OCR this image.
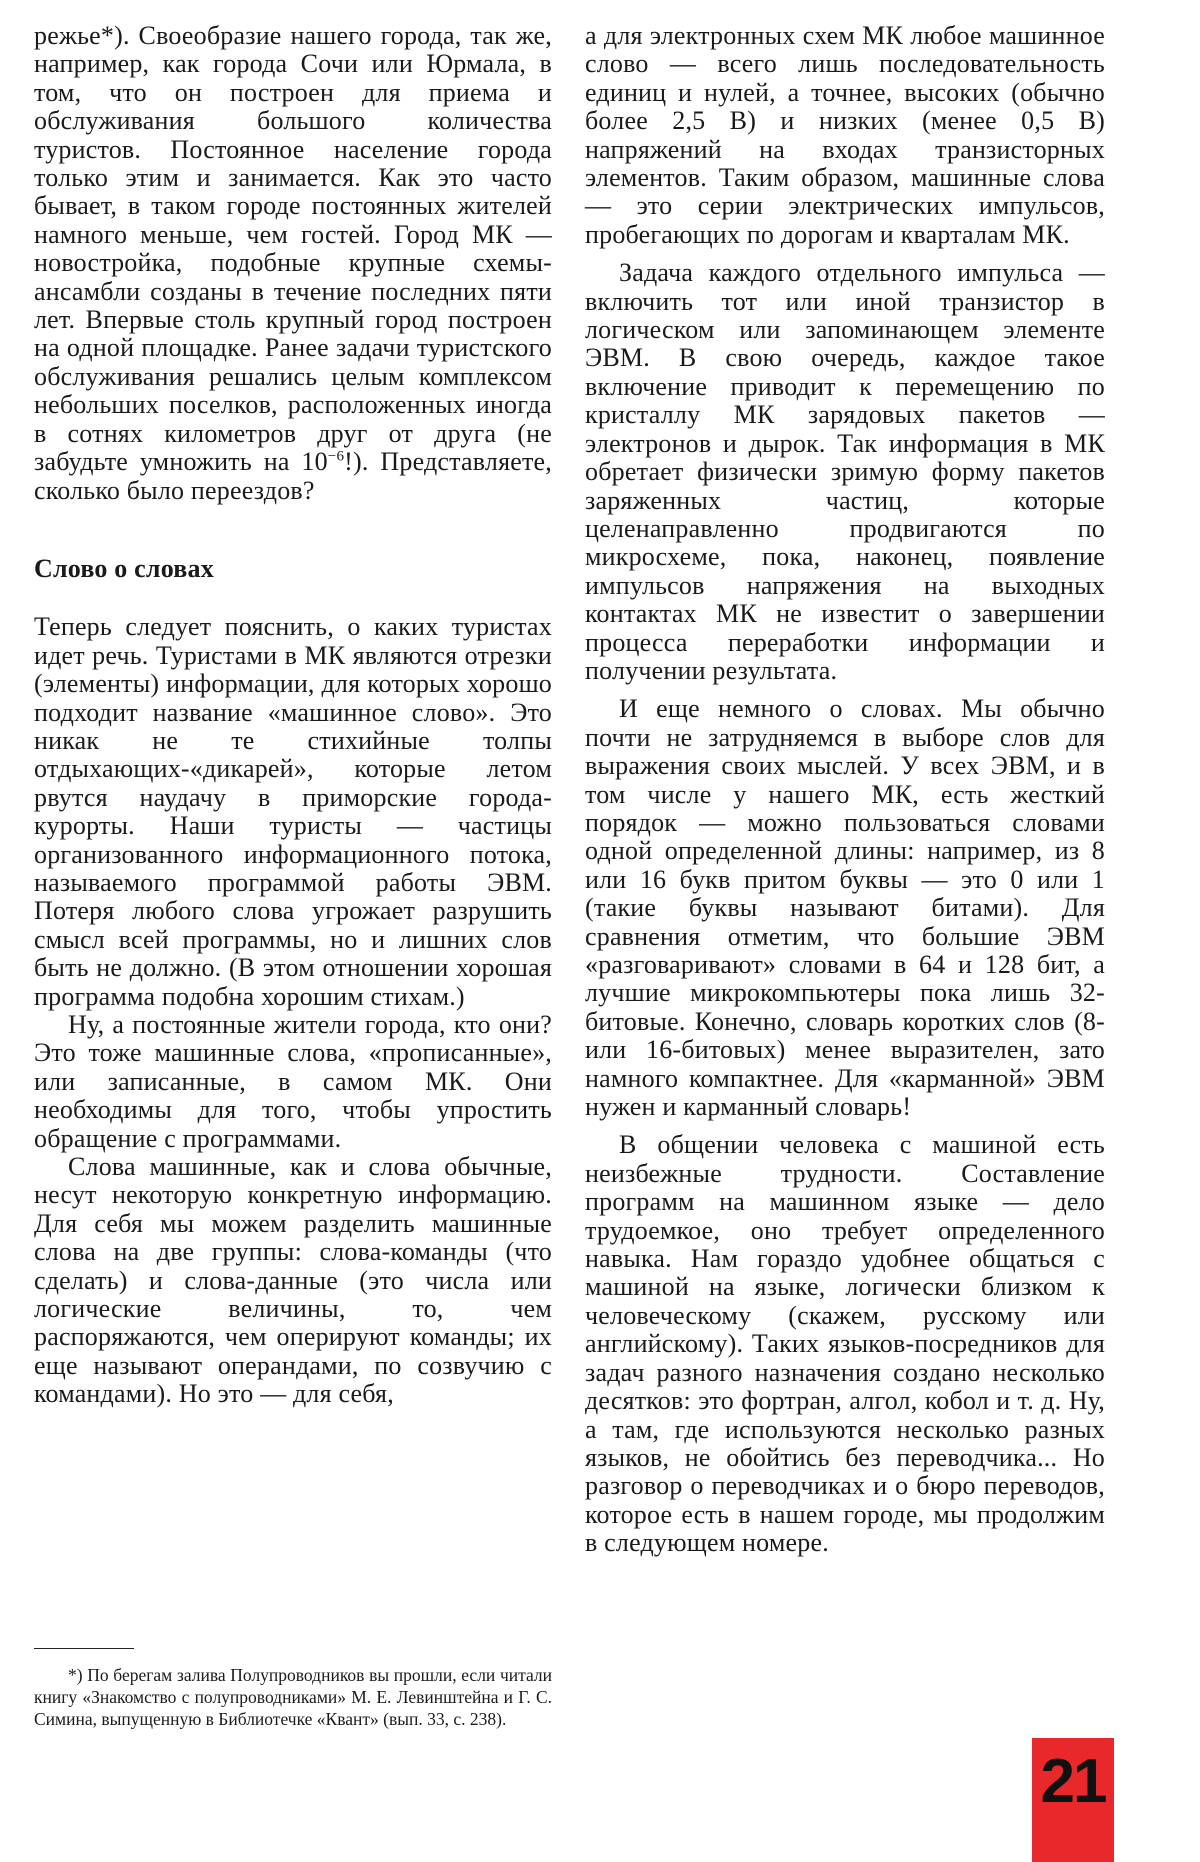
режье*). Своеобразие нашего города, так же, например, как города Сочи или Юрмала, в том, что он построен для приема и обслуживания большого количества туристов. Постоянное население города только этим и занимается. Как это часто бывает, в таком городе постоянных жителей намного меньше, чем гостей. Город МК — новостройка, подобные крупные схемы-ансамбли созданы в течение последних пяти лет. Впервые столь крупный город построен на одной площадке. Ранее задачи туристского обслуживания решались целым комплексом небольших поселков, расположенных иногда в сотнях километров друг от друга (не забудьте умножить на $10^{-6}$!). Представляете, сколько было переездов?

Слово о словах

Теперь следует пояснить, о каких туристах идет речь. Туристами в МК являются отрезки (элементы) информации, для которых хорошо подходит название «машинное слово». Это никак не те стихийные толпы отдыхающих-«дикарей», которые летом рвутся наудачу в приморские города-курорты. Наши туристы — частицы организованного информационного потока, называемого программой работы ЭВМ. Потеря любого слова угрожает разрушить смысл всей программы, но и лишних слов быть не должно. (В этом отношении хорошая программа подобна хорошим стихам.)

Ну, а постоянные жители города, кто они? Это тоже машинные слова, «прописанные», или записанные, в самом МК. Они необходимы для того, чтобы упростить обращение с программами.

Слова машинные, как и слова обычные, несут некоторую конкретную информацию. Для себя мы можем разделить машинные слова на две группы: слова-команды (что сделать) и слова-данные (это числа или логические величины, то, чем распоряжаются, чем оперируют команды; их еще называют операндами, по созвучию с командами). Но это — для себя,

а для электронных схем МК любое машинное слово — всего лишь последовательность единиц и нулей, а точнее, высоких (обычно более 2,5 В) и низких (менее 0,5 В) напряжений на входах транзисторных элементов. Таким образом, машинные слова — это серии электрических импульсов, пробегающих по дорогам и кварталам МК.

Задача каждого отдельного импульса — включить тот или иной транзистор в логическом или запоминающем элементе ЭВМ. В свою очередь, каждое такое включение приводит к перемещению по кристаллу МК зарядовых пакетов — электронов и дырок. Так информация в МК обретает физически зримую форму пакетов заряженных частиц, которые целенаправленно продвигаются по микросхеме, пока, наконец, появление импульсов напряжения на выходных контактах МК не известит о завершении процесса переработки информации и получении результата.

И еще немного о словах. Мы обычно почти не затрудняемся в выборе слов для выражения своих мыслей. У всех ЭВМ, и в том числе у нашего МК, есть жесткий порядок — можно пользоваться словами одной определенной длины: например, из 8 или 16 букв притом буквы — это 0 или 1 (такие буквы называют битами). Для сравнения отметим, что большие ЭВМ «разговаривают» словами в 64 и 128 бит, а лучшие микрокомпьютеры пока лишь 32-битовые. Конечно, словарь коротких слов (8- или 16-битовых) менее выразителен, зато намного компактнее. Для «карманной» ЭВМ нужен и карманный словарь!

В общении человека с машиной есть неизбежные трудности. Составление программ на машинном языке — дело трудоемкое, оно требует определенного навыка. Нам гораздо удобнее общаться с машиной на языке, логически близком к человеческому (скажем, русскому или английскому). Таких языков-посредников для задач разного назначения создано несколько десятков: это фортран, алгол, кобол и т. д. Ну, а там, где используются несколько разных языков, не обойтись без переводчика... Но разговор о переводчиках и о бюро переводов, которое есть в нашем городе, мы продолжим в следующем номере.

*) По берегам залива Полупроводников вы прошли, если читали книгу «Знакомство с полупроводниками» М. Е. Левинштейна и Г. С. Симина, выпущенную в Библиотечке «Квант» (вып. 33, с. 238).
21
